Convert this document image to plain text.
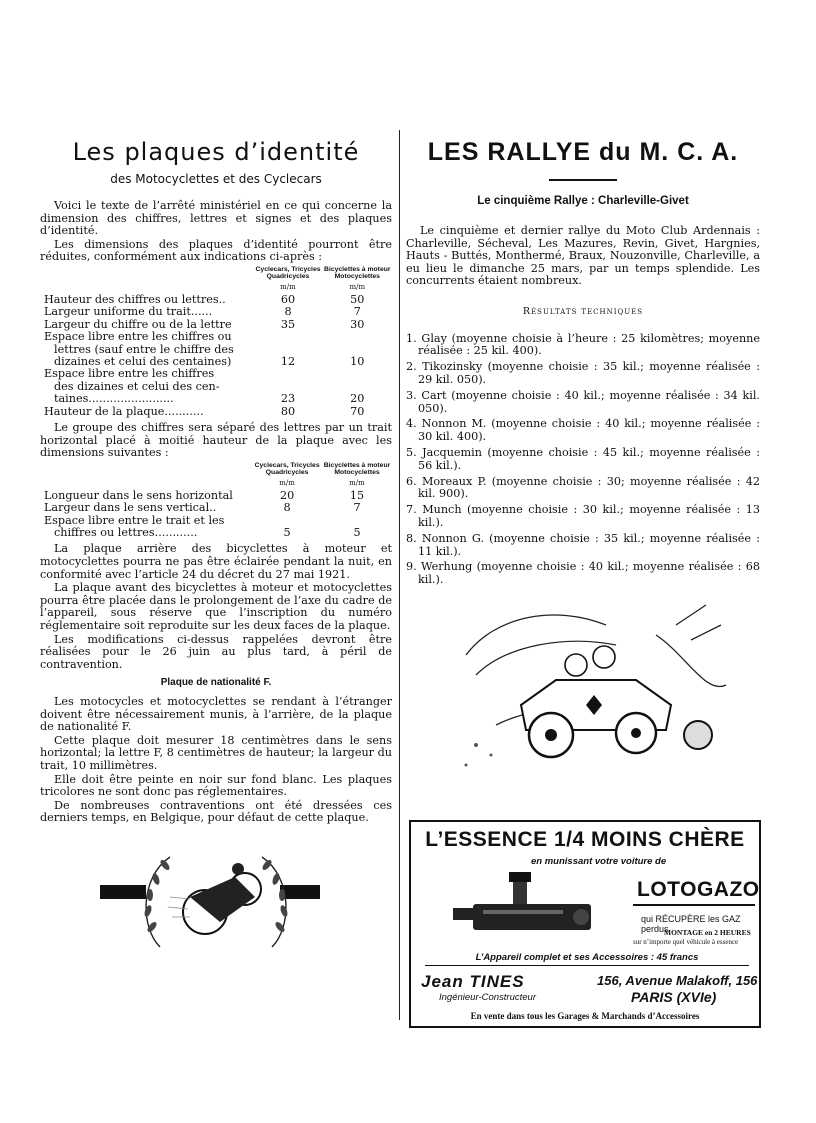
Les plaques d’identité
des Motocyclettes et des Cyclecars

Voici le texte de l’arrêté ministériel en ce qui concerne la dimension des chiffres, lettres et signes et des plaques d’identité.

Les dimensions des plaques d’identité pourront être réduites, conformément aux indications ci-après :

	Cyclecars, Tricycles Quadricycles	Bicyclettes à moteur Motocyclettes
	m/m	m/m
Hauteur des chiffres ou lettres..	60	50
Largeur uniforme du trait......	8	7
Largeur du chiffre ou de la lettre	35	30
Espace libre entre les chiffres ou		
lettres (sauf entre le chiffre des		
dizaines et celui des centaines)	12	10
Espace libre entre les chiffres		
des dizaines et celui des cen-		
taines........................	23	20
Hauteur de la plaque...........	80	70

Le groupe des chiffres sera séparé des lettres par un trait horizontal placé à moitié hauteur de la plaque avec les dimensions suivantes :

	Cyclecars, Tricycles Quadricycles	Bicyclettes à moteur Motocyclettes
	m/m	m/m
Longueur dans le sens horizontal	20	15
Largeur dans le sens vertical..	8	7
Espace libre entre le trait et les		
chiffres ou lettres............	5	5

La plaque arrière des bicyclettes à moteur et motocyclettes pourra ne pas être éclairée pendant la nuit, en conformité avec l’article 24 du décret du 27 mai 1921.

La plaque avant des bicyclettes à moteur et motocyclettes pourra être placée dans le prolongement de l’axe du cadre de l’appareil, sous réserve que l’inscription du numéro réglementaire soit reproduite sur les deux faces de la plaque.

Les modifications ci-dessus rappelées devront être réalisées pour le 26 juin au plus tard, à péril de contravention.

Plaque de nationalité F.

Les motocycles et motocyclettes se rendant à l’étranger doivent être nécessairement munis, à l’arrière, de la plaque de nationalité F.

Cette plaque doit mesurer 18 centimètres dans le sens horizontal; la lettre F, 8 centimètres de hauteur; la largeur du trait, 10 millimètres.

Elle doit être peinte en noir sur fond blanc. Les plaques tricolores ne sont donc pas réglementaires.

De nombreuses contraventions ont été dressées ces derniers temps, en Belgique, pour défaut de cette plaque.

LES RALLYE du M. C. A.
Le cinquième Rallye : Charleville-Givet

Le cinquième et dernier rallye du Moto Club Ardennais : Charleville, Sécheval, Les Mazures, Revin, Givet, Hargnies, Hauts - Buttés, Monthermé, Braux, Nouzonville, Charleville, a eu lieu le dimanche 25 mars, par un temps splendide. Les concurrents étaient nombreux.

Résultats techniques

1. Glay (moyenne choisie à l’heure : 25 kilomètres; moyenne réalisée : 25 kil. 400).
2. Tikozinsky (moyenne choisie : 35 kil.; moyenne réalisée : 29 kil. 050).
3. Cart (moyenne choisie : 40 kil.; moyenne réalisée : 34 kil. 050).
4. Nonnon M. (moyenne choisie : 40 kil.; moyenne réalisée : 30 kil. 400).
5. Jacquemin (moyenne choisie : 45 kil.; moyenne réalisée : 56 kil.).
6. Moreaux P. (moyenne choisie : 30; moyenne réalisée : 42 kil. 900).
7. Munch (moyenne choisie : 30 kil.; moyenne réalisée : 13 kil.).
8. Nonnon G. (moyenne choisie : 35 kil.; moyenne réalisée : 11 kil.).
9. Werhung (moyenne choisie : 40 kil.; moyenne réalisée : 68 kil.).
L’ESSENCE 1/4 MOINS CHÈRE
en munissant votre voiture de
LOTOGAZO
qui RÉCUPÈRE les GAZ perdus
MONTAGE en 2 HEURES
sur n’importe quel véhicule à essence
L’Appareil complet et ses Accessoires : 45 francs
Jean TINES
Ingénieur-Constructeur
156, Avenue Malakoff, 156
PARIS (XVIe)
En vente dans tous les Garages & Marchands d’Accessoires
